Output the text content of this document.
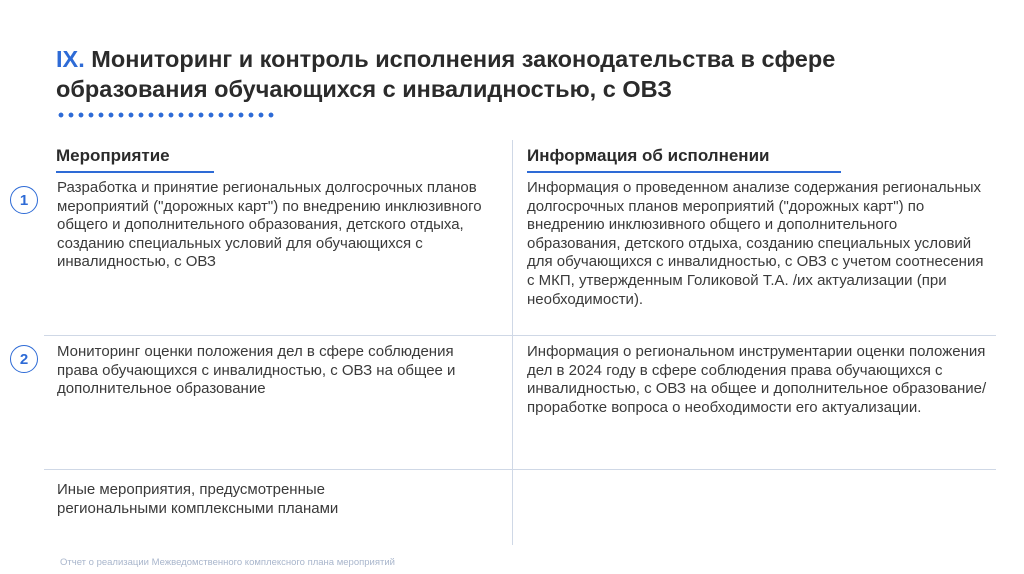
IX. Мониторинг и контроль исполнения законодательства в сфере образования обучающихся с инвалидностью, с ОВЗ
Мероприятие	Информация об исполнении
1
Разработка и принятие региональных долгосрочных планов мероприятий ("дорожных карт") по внедрению инклюзивного общего и дополнительного образования, детского отдыха, созданию специальных условий для обучающихся с инвалидностью, с ОВЗ
Информация о проведенном анализе содержания региональных долгосрочных планов мероприятий ("дорожных карт") по внедрению инклюзивного общего и дополнительного образования, детского отдыха, созданию специальных условий для обучающихся с инвалидностью, с ОВЗ с учетом соотнесения с МКП, утвержденным Голиковой Т.А. /их актуализации (при необходимости).
2	Мониторинг оценки положения дел в сфере соблюдения права обучающихся с инвалидностью, с ОВЗ на общее и дополнительное образование
Информация о региональном инструментарии оценки положения дел в 2024 году в сфере соблюдения права обучающихся с инвалидностью, с ОВЗ на общее и дополнительное образование/ проработке вопроса о необходимости его актуализации.
Иные мероприятия, предусмотренные региональными комплексными планами
Отчет о реализации Межведомственного комплексного плана мероприятий
